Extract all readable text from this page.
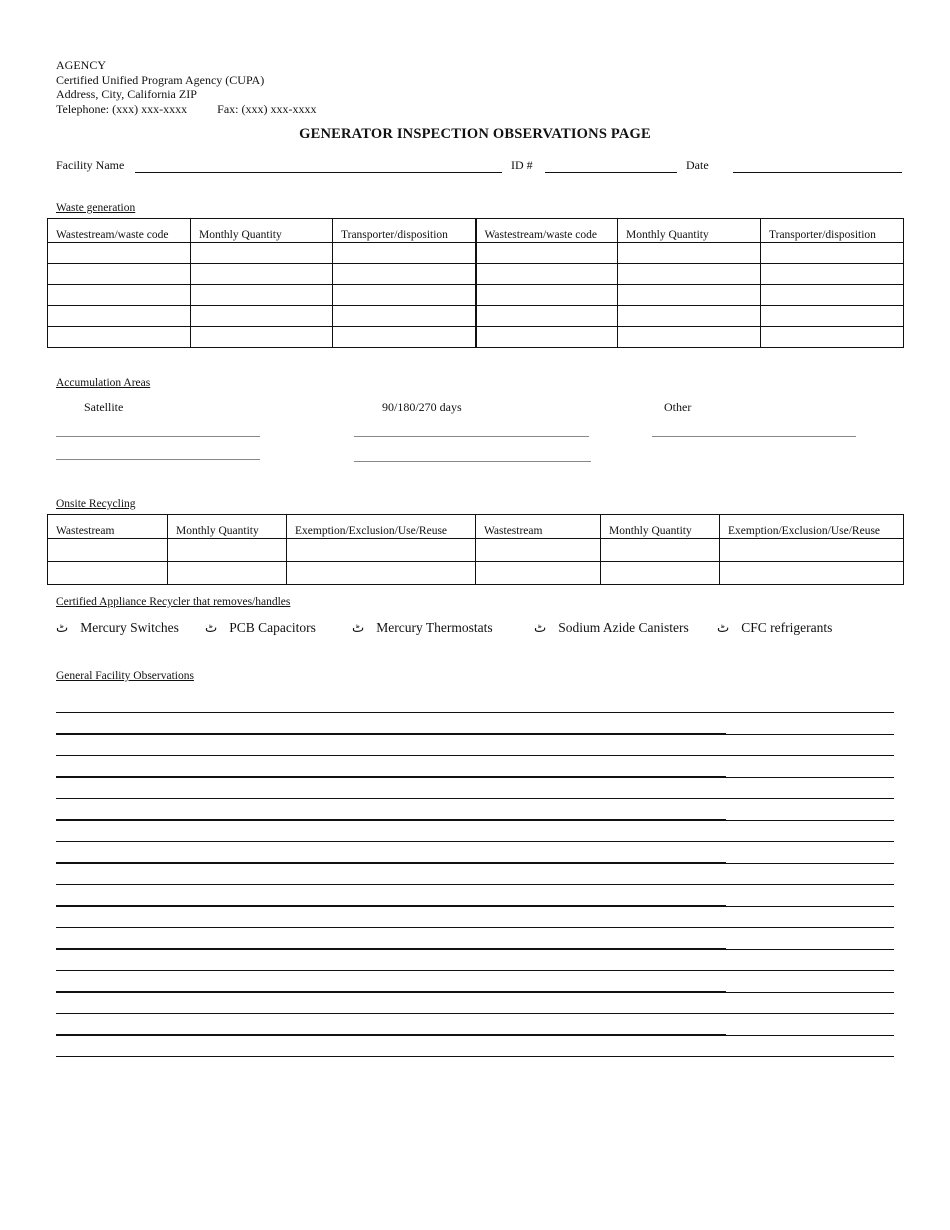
AGENCY
Certified Unified Program Agency (CUPA)
Address, City, California ZIP
Telephone: (xxx) xxx-xxxx	Fax: (xxx) xxx-xxxx
GENERATOR INSPECTION OBSERVATIONS PAGE
Facility Name	ID #	Date
Waste generation
Wastestream/waste code	Monthly Quantity	Transporter/disposition	Wastestream/waste code	Monthly Quantity	Transporter/disposition

Accumulation Areas
Satellite	90/180/270 days	Other
Onsite Recycling
Wastestream	Monthly Quantity	Exemption/Exclusion/Use/Reuse	Wastestream	Monthly Quantity	Exemption/Exclusion/Use/Reuse

Certified Appliance Recycler that removes/handles
ٹ Mercury Switches ٹ PCB Capacitors	ٹ Mercury Thermostats	ٹ Sodium Azide Canisters ٹ CFC refrigerants
General Facility Observations
